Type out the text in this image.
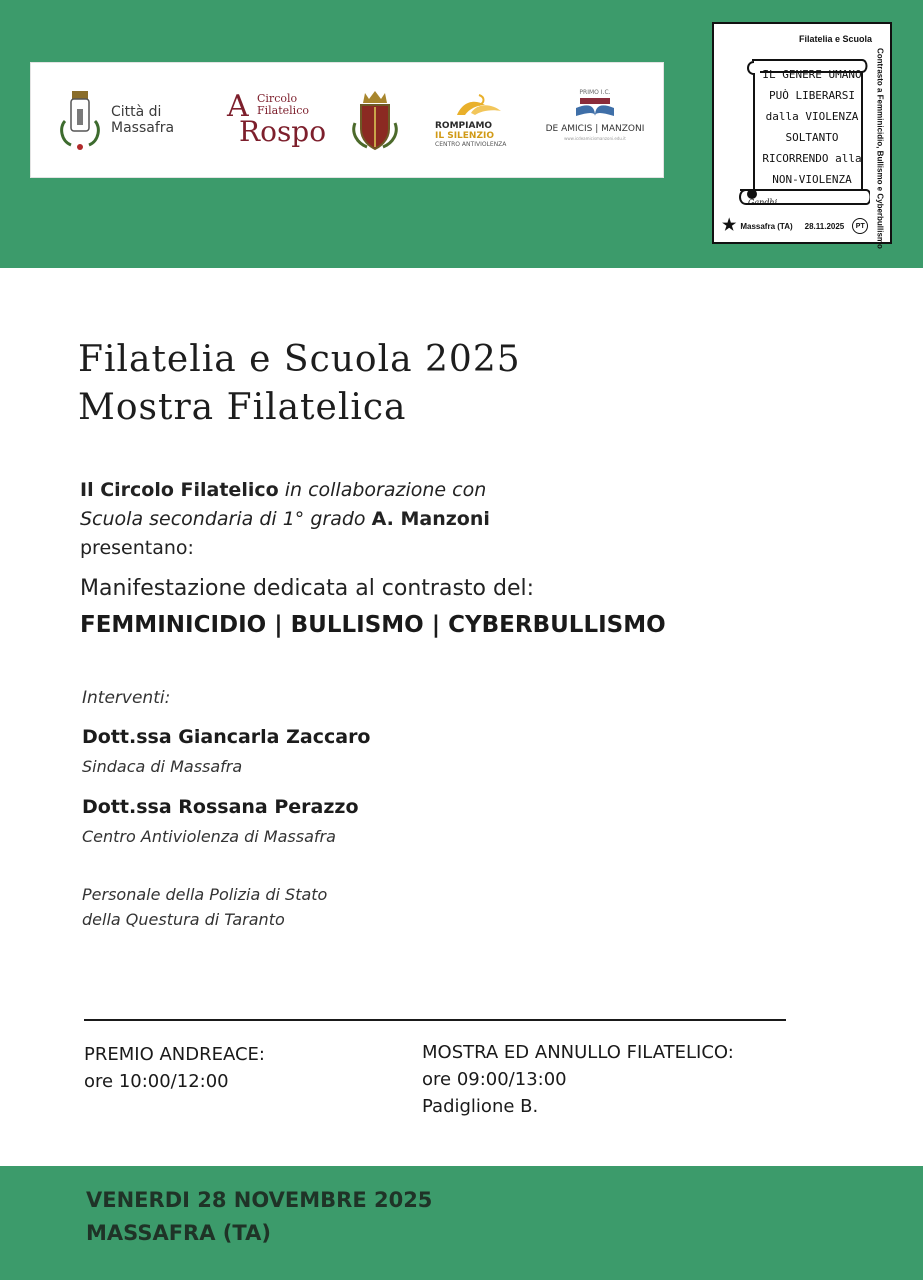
Città di
Massafra
A Circolo
Filatelico
Rospo	ROMPIAMO
IL SILENZIO
CENTRO ANTIVIOLENZA
PRIMO I.C.
DE AMICIS | MANZONI
www.icdeamicismanzoni.edu.it
Filatelia e Scuola
Contrasto a Femminicidio, Bullismo e Cyberbullismo
IL GENERE UMANO
PUÒ LIBERARSI
dalla VIOLENZA
SOLTANTO
RICORRENDO alla
NON-VIOLENZA
Gandhi
★ Massafra (TA) 28.11.2025	PT
Filatelia e Scuola 2025
Mostra Filatelica
Il Circolo Filatelico in collaborazione con
Scuola secondaria di 1° grado A. Manzoni
presentano:
Manifestazione dedicata al contrasto del:
FEMMINICIDIO | BULLISMO | CYBERBULLISMO
Interventi:
Dott.ssa Giancarla Zaccaro
Sindaca di Massafra
Dott.ssa Rossana Perazzo
Centro Antiviolenza di Massafra
Personale della Polizia di Stato
della Questura di Taranto
PREMIO ANDREACE:
ore 10:00/12:00
MOSTRA ED ANNULLO FILATELICO:
ore 09:00/13:00
Padiglione B.
VENERDI 28 NOVEMBRE 2025
MASSAFRA (TA)
